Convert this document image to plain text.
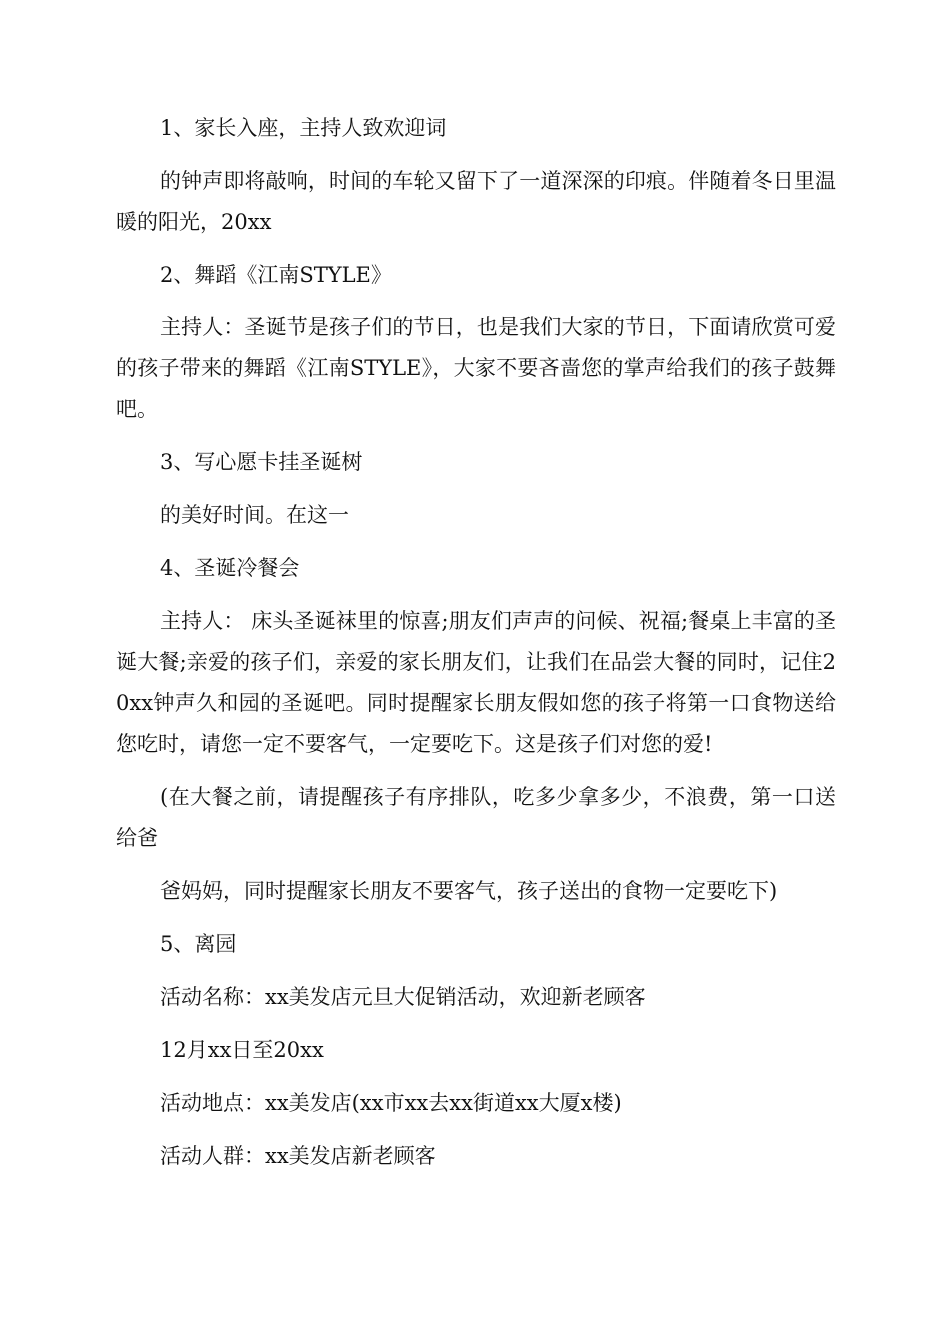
1、家长入座，主持人致欢迎词

的钟声即将敲响，时间的车轮又留下了一道深深的印痕。伴随着冬日里温暖的阳光，20xx

2、舞蹈《江南STYLE》

主持人：圣诞节是孩子们的节日，也是我们大家的节日，下面请欣赏可爱的孩子带来的舞蹈《江南STYLE》，大家不要吝啬您的掌声给我们的孩子鼓舞吧。

3、写心愿卡挂圣诞树

的美好时间。在这一

4、圣诞冷餐会

主持人： 床头圣诞袜里的惊喜;朋友们声声的问候、祝福;餐桌上丰富的圣诞大餐;亲爱的孩子们，亲爱的家长朋友们，让我们在品尝大餐的同时，记住20xx钟声久和园的圣诞吧。同时提醒家长朋友假如您的孩子将第一口食物送给您吃时，请您一定不要客气，一定要吃下。这是孩子们对您的爱!

(在大餐之前，请提醒孩子有序排队，吃多少拿多少，不浪费，第一口送给爸

爸妈妈，同时提醒家长朋友不要客气，孩子送出的食物一定要吃下)

5、离园

活动名称：xx美发店元旦大促销活动，欢迎新老顾客

12月xx日至20xx

活动地点：xx美发店(xx市xx去xx街道xx大厦x楼)

活动人群：xx美发店新老顾客
